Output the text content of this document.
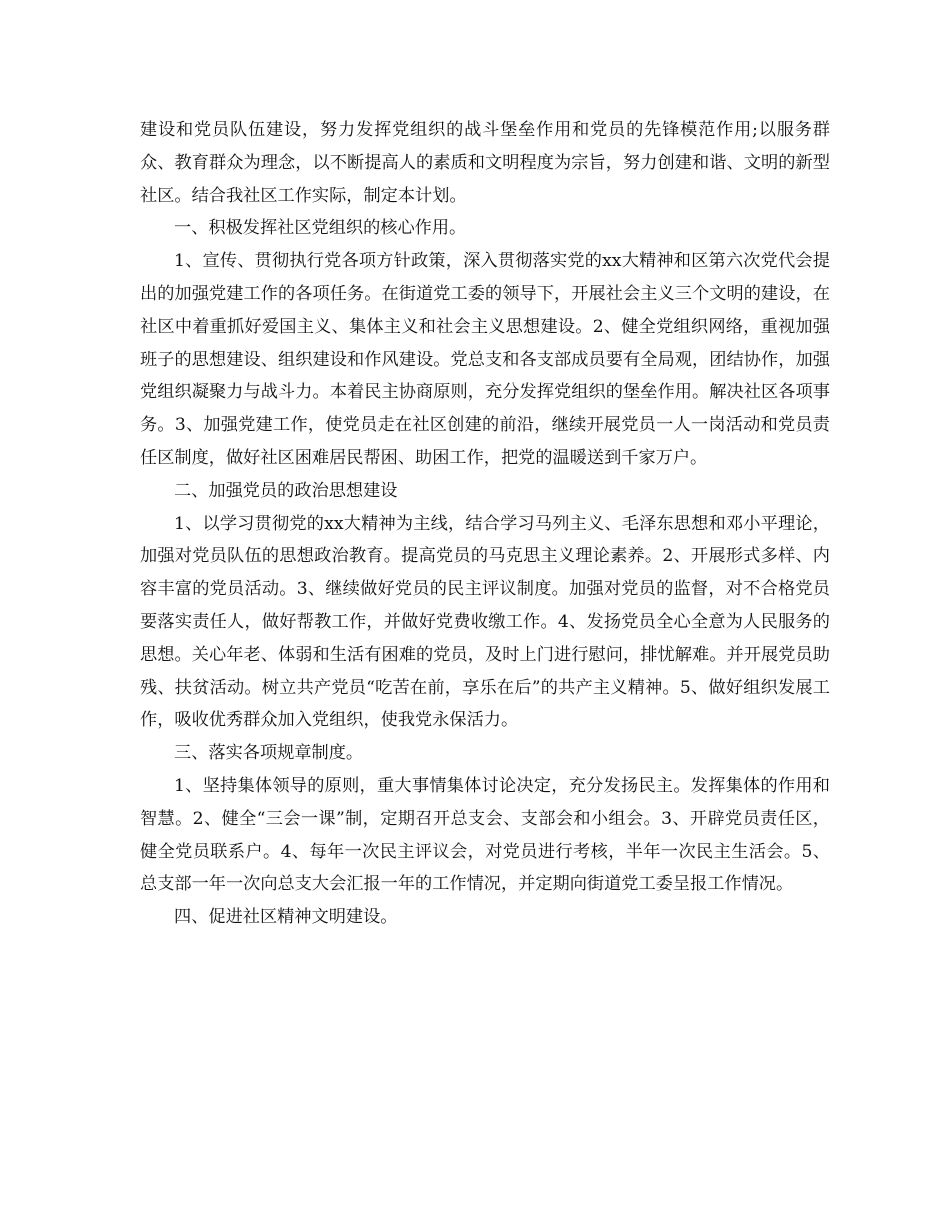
建设和党员队伍建设，努力发挥党组织的战斗堡垒作用和党员的先锋模范作用;以服务群众、教育群众为理念，以不断提高人的素质和文明程度为宗旨，努力创建和谐、文明的新型社区。结合我社区工作实际，制定本计划。

一、积极发挥社区党组织的核心作用。

1、宣传、贯彻执行党各项方针政策，深入贯彻落实党的xx大精神和区第六次党代会提出的加强党建工作的各项任务。在街道党工委的领导下，开展社会主义三个文明的建设，在社区中着重抓好爱国主义、集体主义和社会主义思想建设。2、健全党组织网络，重视加强班子的思想建设、组织建设和作风建设。党总支和各支部成员要有全局观，团结协作，加强党组织凝聚力与战斗力。本着民主协商原则，充分发挥党组织的堡垒作用。解决社区各项事务。3、加强党建工作，使党员走在社区创建的前沿，继续开展党员一人一岗活动和党员责任区制度，做好社区困难居民帮困、助困工作，把党的温暖送到千家万户。

二、加强党员的政治思想建设

1、以学习贯彻党的xx大精神为主线，结合学习马列主义、毛泽东思想和邓小平理论，加强对党员队伍的思想政治教育。提高党员的马克思主义理论素养。2、开展形式多样、内容丰富的党员活动。3、继续做好党员的民主评议制度。加强对党员的监督，对不合格党员要落实责任人，做好帮教工作，并做好党费收缴工作。4、发扬党员全心全意为人民服务的思想。关心年老、体弱和生活有困难的党员，及时上门进行慰问，排忧解难。并开展党员助残、扶贫活动。树立共产党员“吃苦在前，享乐在后”的共产主义精神。5、做好组织发展工作，吸收优秀群众加入党组织，使我党永保活力。

三、落实各项规章制度。

1、坚持集体领导的原则，重大事情集体讨论决定，充分发扬民主。发挥集体的作用和智慧。2、健全“三会一课”制，定期召开总支会、支部会和小组会。3、开辟党员责任区，健全党员联系户。4、每年一次民主评议会，对党员进行考核，半年一次民主生活会。5、总支部一年一次向总支大会汇报一年的工作情况，并定期向街道党工委呈报工作情况。

四、促进社区精神文明建设。
